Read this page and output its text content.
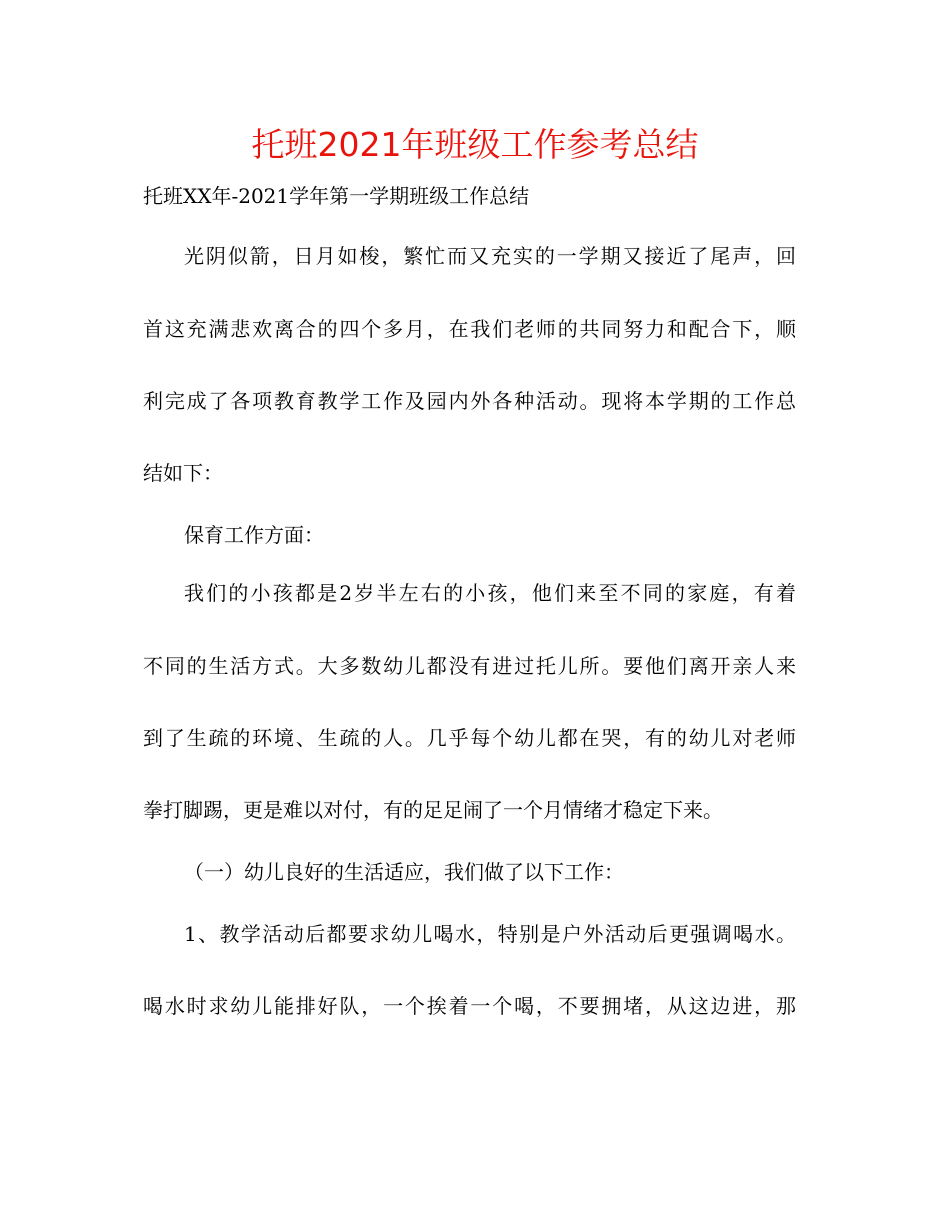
托班2021年班级工作参考总结

托班XX年-2021学年第一学期班级工作总结

光阴似箭，日月如梭，繁忙而又充实的一学期又接近了尾声，回

首这充满悲欢离合的四个多月，在我们老师的共同努力和配合下，顺

利完成了各项教育教学工作及园内外各种活动。现将本学期的工作总

结如下：

保育工作方面：

我们的小孩都是2岁半左右的小孩，他们来至不同的家庭，有着

不同的生活方式。大多数幼儿都没有进过托儿所。要他们离开亲人来

到了生疏的环境、生疏的人。几乎每个幼儿都在哭，有的幼儿对老师

拳打脚踢，更是难以对付，有的足足闹了一个月情绪才稳定下来。

（一）幼儿良好的生活适应，我们做了以下工作：

1、教学活动后都要求幼儿喝水，特别是户外活动后更强调喝水。

喝水时求幼儿能排好队，一个挨着一个喝，不要拥堵，从这边进，那
